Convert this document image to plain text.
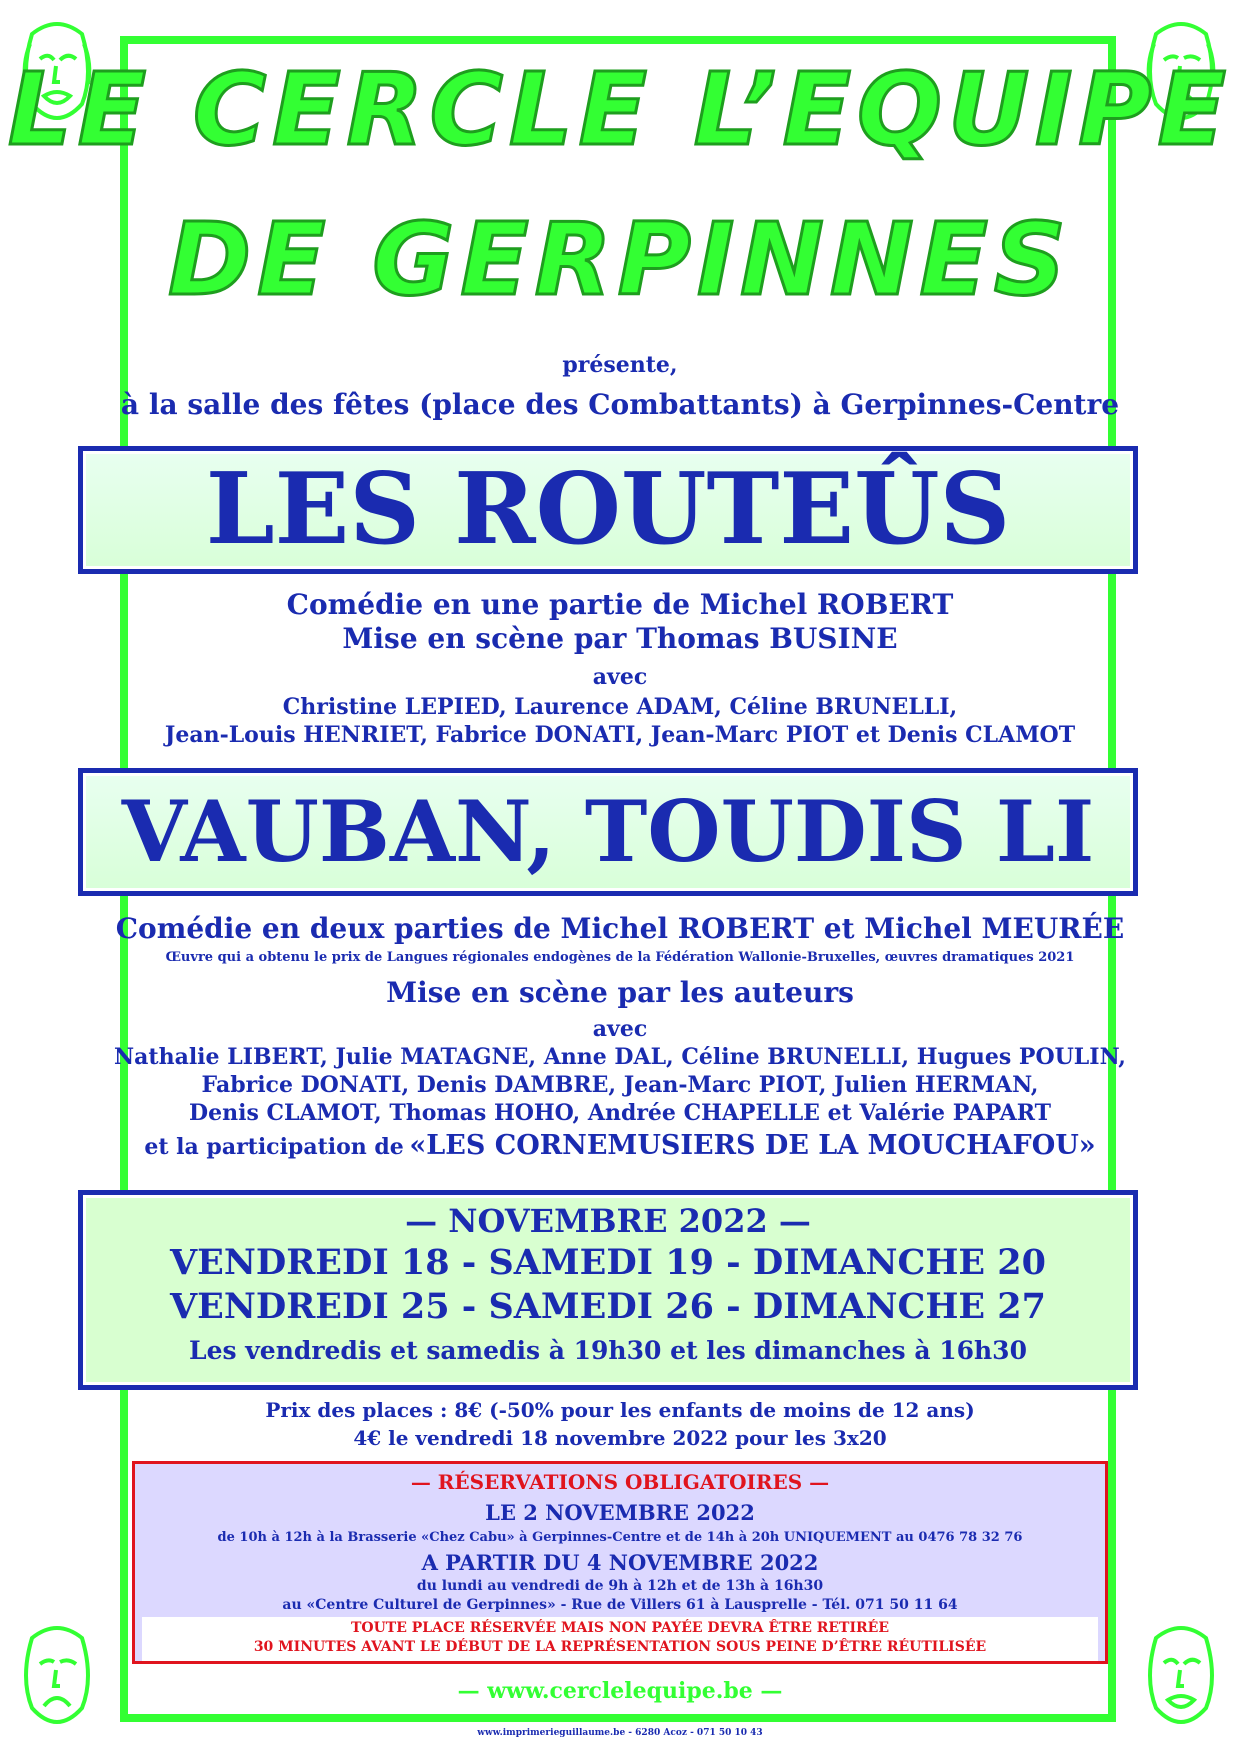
LE CERCLE L’EQUIPE
DE GERPINNES
présente,
à la salle des fêtes (place des Combattants) à Gerpinnes-Centre
LES ROUTEÛS
Comédie en une partie de Michel ROBERT
Mise en scène par Thomas BUSINE
avec
Christine LEPIED, Laurence ADAM, Céline BRUNELLI,
Jean-Louis HENRIET, Fabrice DONATI, Jean-Marc PIOT et Denis CLAMOT
VAUBAN, TOUDIS LI
Comédie en deux parties de Michel ROBERT et Michel MEURÉE
Œuvre qui a obtenu le prix de Langues régionales endogènes de la Fédération Wallonie-Bruxelles, œuvres dramatiques 2021
Mise en scène par les auteurs
avec
Nathalie LIBERT, Julie MATAGNE, Anne DAL, Céline BRUNELLI, Hugues POULIN,
Fabrice DONATI, Denis DAMBRE, Jean-Marc PIOT, Julien HERMAN,
Denis CLAMOT, Thomas HOHO, Andrée CHAPELLE et Valérie PAPART
et la participation de «LES CORNEMUSIERS DE LA MOUCHAFOU»
— NOVEMBRE 2022 —
VENDREDI 18 - SAMEDI 19 - DIMANCHE 20
VENDREDI 25 - SAMEDI 26 - DIMANCHE 27
Les vendredis et samedis à 19h30 et les dimanches à 16h30
Prix des places : 8€ (-50% pour les enfants de moins de 12 ans)
4€ le vendredi 18 novembre 2022 pour les 3x20
— RÉSERVATIONS OBLIGATOIRES —
LE 2 NOVEMBRE 2022
de 10h à 12h à la Brasserie «Chez Cabu» à Gerpinnes-Centre et de 14h à 20h UNIQUEMENT au 0476 78 32 76
A PARTIR DU 4 NOVEMBRE 2022
du lundi au vendredi de 9h à 12h et de 13h à 16h30
au «Centre Culturel de Gerpinnes» - Rue de Villers 61 à Lausprelle - Tél. 071 50 11 64
TOUTE PLACE RÉSERVÉE MAIS NON PAYÉE DEVRA ÊTRE RETIRÉE
30 MINUTES AVANT LE DÉBUT DE LA REPRÉSENTATION SOUS PEINE D’ÊTRE RÉUTILISÉE
— www.cerclelequipe.be —
www.imprimerieguillaume.be - 6280 Acoz - 071 50 10 43
